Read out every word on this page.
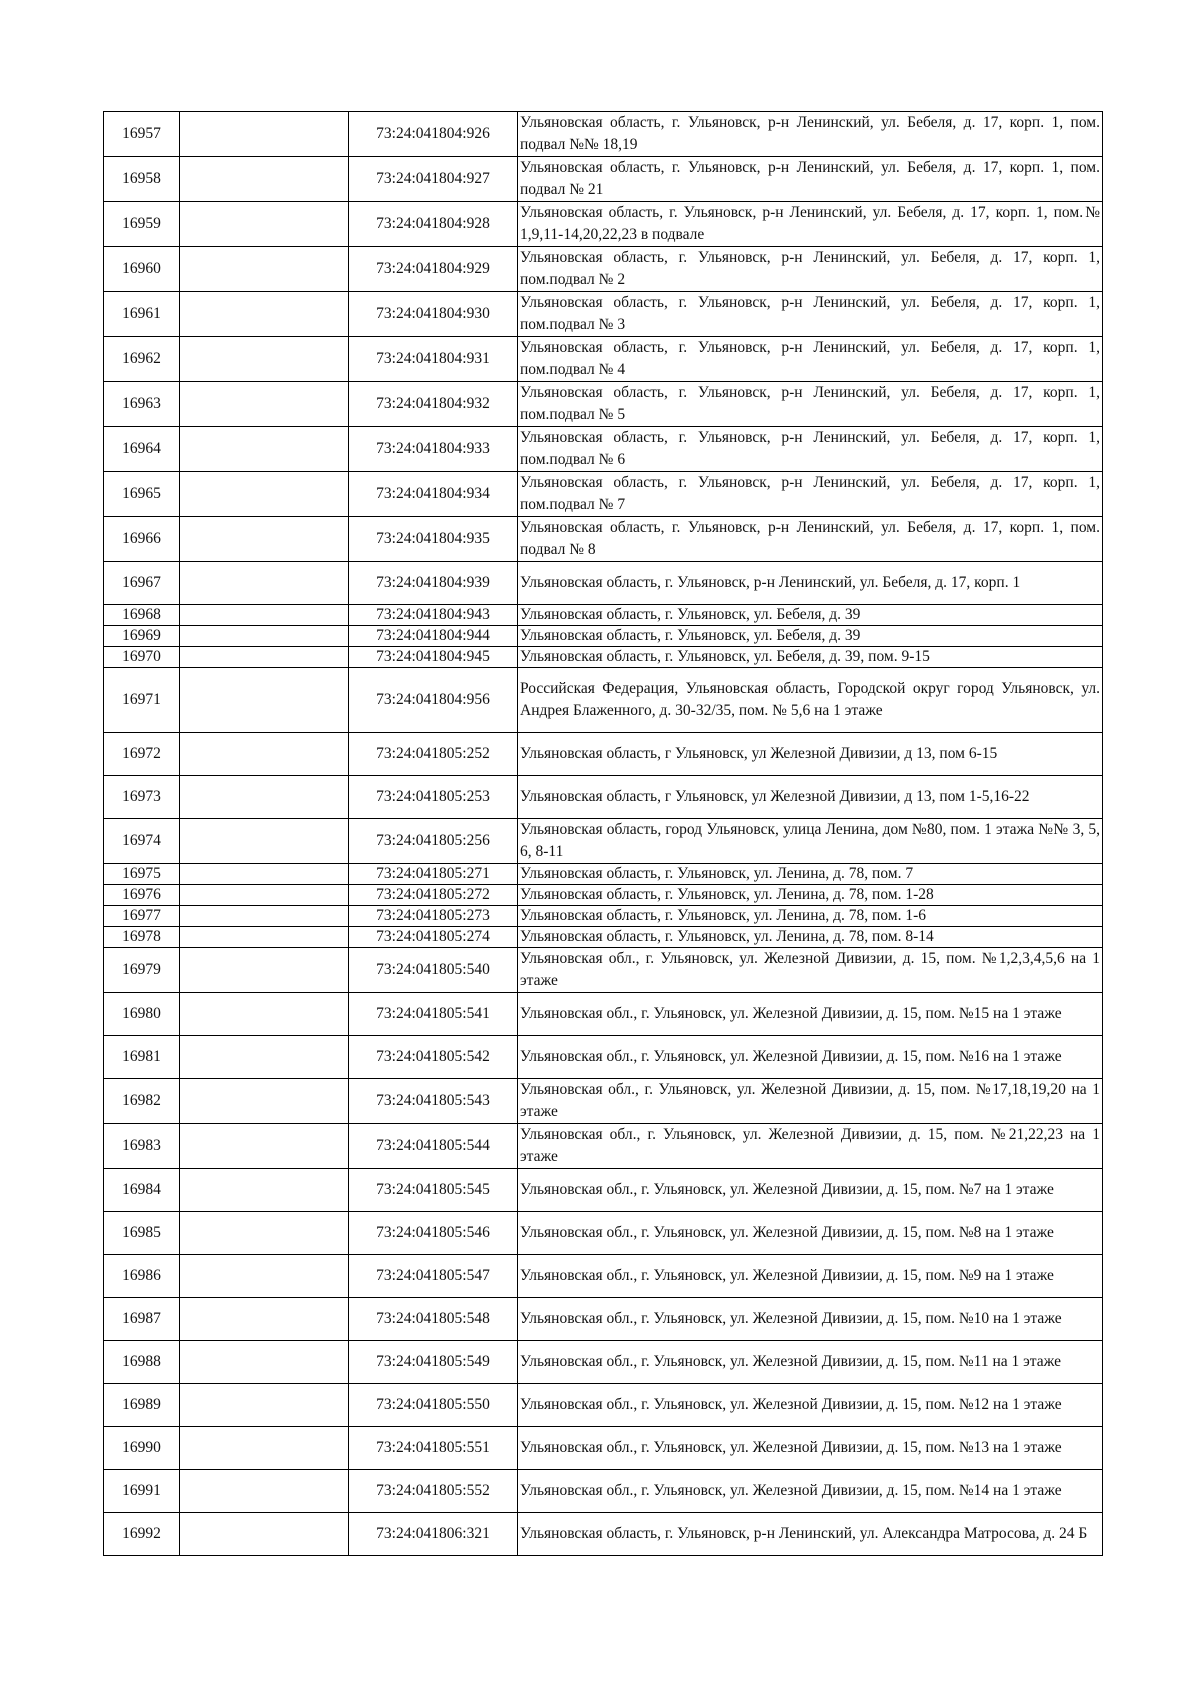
16957		73:24:041804:926	Ульяновская область, г. Ульяновск, р-н Ленинский, ул. Бебеля, д. 17, корп. 1, пом. подвал №№ 18,19
16958		73:24:041804:927	Ульяновская область, г. Ульяновск, р-н Ленинский, ул. Бебеля, д. 17, корп. 1, пом. подвал № 21
16959		73:24:041804:928	Ульяновская область, г. Ульяновск, р-н Ленинский, ул. Бебеля, д. 17, корп. 1, пом.№ 1,9,11-14,20,22,23 в подвале
16960		73:24:041804:929	Ульяновская область, г. Ульяновск, р-н Ленинский, ул. Бебеля, д. 17, корп. 1, пом.подвал № 2
16961		73:24:041804:930	Ульяновская область, г. Ульяновск, р-н Ленинский, ул. Бебеля, д. 17, корп. 1, пом.подвал № 3
16962		73:24:041804:931	Ульяновская область, г. Ульяновск, р-н Ленинский, ул. Бебеля, д. 17, корп. 1, пом.подвал № 4
16963		73:24:041804:932	Ульяновская область, г. Ульяновск, р-н Ленинский, ул. Бебеля, д. 17, корп. 1, пом.подвал № 5
16964		73:24:041804:933	Ульяновская область, г. Ульяновск, р-н Ленинский, ул. Бебеля, д. 17, корп. 1, пом.подвал № 6
16965		73:24:041804:934	Ульяновская область, г. Ульяновск, р-н Ленинский, ул. Бебеля, д. 17, корп. 1, пом.подвал № 7
16966		73:24:041804:935	Ульяновская область, г. Ульяновск, р-н Ленинский, ул. Бебеля, д. 17, корп. 1, пом. подвал № 8
16967		73:24:041804:939	Ульяновская область, г. Ульяновск, р-н Ленинский, ул. Бебеля, д. 17, корп. 1
16968		73:24:041804:943	Ульяновская область, г. Ульяновск, ул. Бебеля, д. 39
16969		73:24:041804:944	Ульяновская область, г. Ульяновск, ул. Бебеля, д. 39
16970		73:24:041804:945	Ульяновская область, г. Ульяновск, ул. Бебеля, д. 39, пом. 9-15
16971		73:24:041804:956	Российская Федерация, Ульяновская область, Городской округ город Ульяновск, ул. Андрея Блаженного, д. 30-32/35, пом. № 5,6 на 1 этаже
16972		73:24:041805:252	Ульяновская область, г Ульяновск, ул Железной Дивизии, д 13, пом 6-15
16973		73:24:041805:253	Ульяновская область, г Ульяновск, ул Железной Дивизии, д 13, пом 1-5,16-22
16974		73:24:041805:256	Ульяновская область, город Ульяновск, улица Ленина, дом №80, пом. 1 этажа №№ 3, 5, 6, 8-11
16975		73:24:041805:271	Ульяновская область, г. Ульяновск, ул. Ленина, д. 78, пом. 7
16976		73:24:041805:272	Ульяновская область, г. Ульяновск, ул. Ленина, д. 78, пом. 1-28
16977		73:24:041805:273	Ульяновская область, г. Ульяновск, ул. Ленина, д. 78, пом. 1-6
16978		73:24:041805:274	Ульяновская область, г. Ульяновск, ул. Ленина, д. 78, пом. 8-14
16979		73:24:041805:540	Ульяновская обл., г. Ульяновск, ул. Железной Дивизии, д. 15, пом. №1,2,3,4,5,6 на 1 этаже
16980		73:24:041805:541	Ульяновская обл., г. Ульяновск, ул. Железной Дивизии, д. 15, пом. №15 на 1 этаже
16981		73:24:041805:542	Ульяновская обл., г. Ульяновск, ул. Железной Дивизии, д. 15, пом. №16 на 1 этаже
16982		73:24:041805:543	Ульяновская обл., г. Ульяновск, ул. Железной Дивизии, д. 15, пом. №17,18,19,20 на 1 этаже
16983		73:24:041805:544	Ульяновская обл., г. Ульяновск, ул. Железной Дивизии, д. 15, пом. №21,22,23 на 1 этаже
16984		73:24:041805:545	Ульяновская обл., г. Ульяновск, ул. Железной Дивизии, д. 15, пом. №7 на 1 этаже
16985		73:24:041805:546	Ульяновская обл., г. Ульяновск, ул. Железной Дивизии, д. 15, пом. №8 на 1 этаже
16986		73:24:041805:547	Ульяновская обл., г. Ульяновск, ул. Железной Дивизии, д. 15, пом. №9 на 1 этаже
16987		73:24:041805:548	Ульяновская обл., г. Ульяновск, ул. Железной Дивизии, д. 15, пом. №10 на 1 этаже
16988		73:24:041805:549	Ульяновская обл., г. Ульяновск, ул. Железной Дивизии, д. 15, пом. №11 на 1 этаже
16989		73:24:041805:550	Ульяновская обл., г. Ульяновск, ул. Железной Дивизии, д. 15, пом. №12 на 1 этаже
16990		73:24:041805:551	Ульяновская обл., г. Ульяновск, ул. Железной Дивизии, д. 15, пом. №13 на 1 этаже
16991		73:24:041805:552	Ульяновская обл., г. Ульяновск, ул. Железной Дивизии, д. 15, пом. №14 на 1 этаже
16992		73:24:041806:321	Ульяновская область, г. Ульяновск, р-н Ленинский, ул. Александра Матросова, д. 24 Б
